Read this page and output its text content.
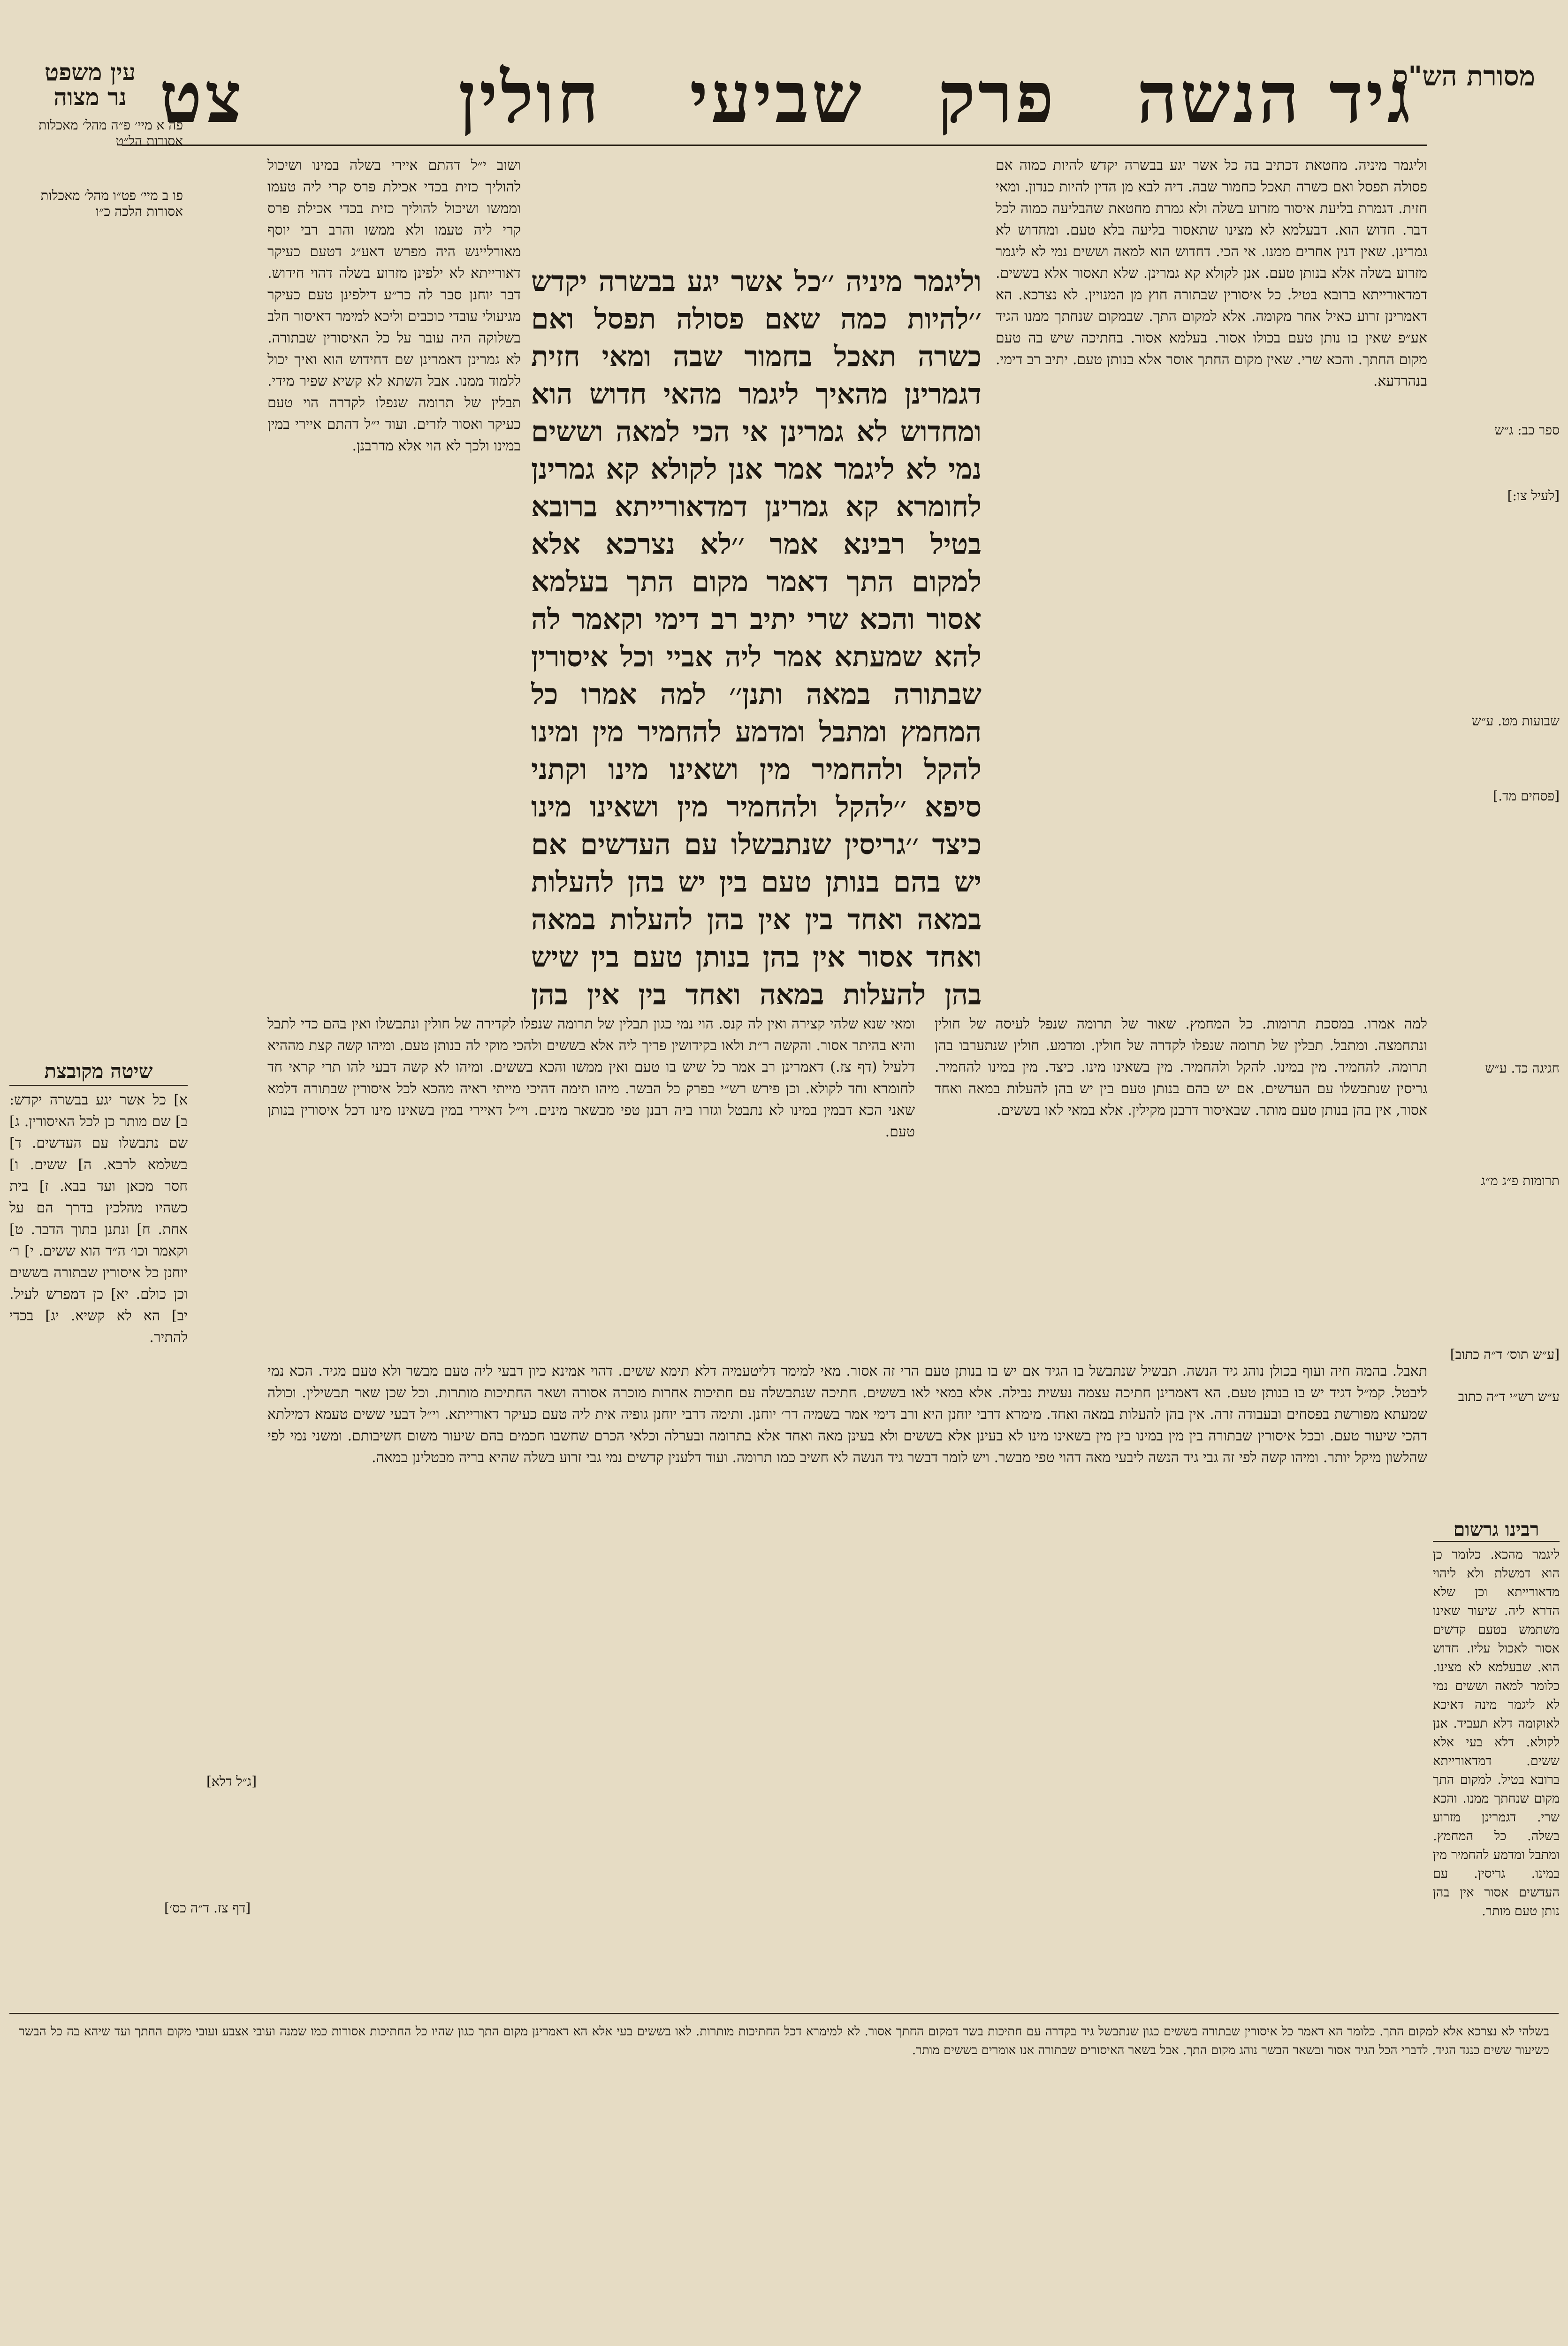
מסורת הש"ס
עין משפט
נר מצוה	גיד הנשה
פרק
שביעי
חולין
צט
ספר כב: ג״ש
[לעיל צו:]
שבועות מט. ע״ש
[פסחים מד.]
חגיגה כד. ע״ש
[ע״ש תוס׳ ד״ה כתוב]
ע״ש רש״י ד״ה כתוב
תרומות פ״ג מ״ג
פה א מיי׳ פ״ה מהל׳ מאכלות אסורות הל״ט
פו ב מיי׳ פט״ו מהל׳ מאכלות אסורות הלכה כ״ו
שיטה מקובצת
א] כל אשר יגע בבשרה יקדש: ב] שם מותר כן לכל האיסורין. ג] שם נתבשלו עם העדשים. ד] בשלמא לרבא. ה] ששים. ו] חסר מכאן ועד בבא. ז] בית כשהיו מהלכין בדרך הם על אחת. ח] ונתנן בתוך הדבר. ט] וקאמר וכו׳ ה״ד הוא ששים. י] ר׳ יוחנן כל איסורין שבתורה בששים וכן כולם. יא] כן דמפרש לעיל. יב] הא לא קשיא. יג] בכדי להתיר.
[ג״ל דלא]
[דף צז. ד״ה כס׳]
רבינו גרשום
ליגמר מהכא. כלומר כן הוא דמשלת ולא ליהוי מדאורייתא וכן שלא הדרא ליה. שיעור שאינו משתמש בטעם קדשים אסור לאכול עליו. חדוש הוא. שבעלמא לא מצינו. כלומר למאה וששים נמי לא ליגמר מינה דאיכא לאוקומה דלא תעביד. אנן לקולא. דלא בעי אלא ששים. דמדאורייתא ברובא בטיל. למקום התך מקום שנחתך ממנו. והכא שרי. דגמרינן מזרוע בשלה. כל המחמץ. ומתבל ומדמע להחמיר מין במינו. גריסין. עם העדשים אסור אין בהן נותן טעם מותר.
וליגמר מיניה. מחטאת דכתיב בה כל אשר יגע בבשרה יקדש להיות כמוה אם פסולה תפסל ואם כשרה תאכל כחמור שבה. דיה לבא מן הדין להיות כנדון. ומאי חזית. דגמרת בליעת איסור מזרוע בשלה ולא גמרת מחטאת שהבליעה כמוה לכל דבר. חדוש הוא. דבעלמא לא מצינו שתאסור בליעה בלא טעם. ומחדוש לא גמרינן. שאין דנין אחרים ממנו. אי הכי. דחדוש הוא למאה וששים נמי לא ליגמר מזרוע בשלה אלא בנותן טעם. אנן לקולא קא גמרינן. שלא תאסור אלא בששים. דמדאורייתא ברובא בטיל. כל איסורין שבתורה חוץ מן המנויין. לא נצרכא. הא דאמרינן זרוע כאיל אחר מקומה. אלא למקום התך. שבמקום שנחתך ממנו הגיד אע״פ שאין בו נותן טעם בכולו אסור. בעלמא אסור. בחתיכה שיש בה טעם מקום החתך. והכא שרי. שאין מקום החתך אוסר אלא בנותן טעם. יתיב רב דימי. בנהרדעא.
ושוב י״ל דהתם איירי בשלה במינו ושיכול להוליך כזית בכדי אכילת פרס קרי ליה טעמו וממשו ושיכול להוליך כזית בכדי אכילת פרס קרי ליה טעמו ולא ממשו והרב רבי יוסף מאורליינש היה מפרש דאע״ג דטעם כעיקר דאורייתא לא ילפינן מזרוע בשלה דהוי חידוש. דבר יוחנן סבר לה כר״ע דילפינן טעם כעיקר מגיעולי עובדי כוכבים וליכא למימר דאיסור חלב בשלוקה היה עובר על כל האיסורין שבתורה. לא גמרינן דאמרינן שם דחידוש הוא ואיך יכול ללמוד ממנו. אבל השתא לא קשיא שפיר מידי. תבלין של תרומה שנפלו לקדרה הוי טעם כעיקר ואסור לזרים. ועוד י״ל דהתם איירי במין במינו ולכך לא הוי אלא מדרבנן.
וליגמר מיניה ׳׳כל אשר יגע בבשרה יקדש ׳׳להיות כמה שאם פסולה תפסל ואם כשרה תאכל בחמור שבה ומאי חזית דגמרינן מהאיך ליגמר מהאי חדוש הוא ומחדוש לא גמרינן אי הכי למאה וששים נמי לא ליגמר אמר אנן לקולא קא גמרינן לחומרא קא גמרינן דמדאורייתא ברובא בטיל רבינא אמר ׳׳לא נצרכא אלא למקום התך דאמר מקום התך בעלמא אסור והכא שרי יתיב רב דימי וקאמר לה להא שמעתא אמר ליה אביי וכל איסורין שבתורה במאה ותנן׳׳ למה אמרו כל המחמץ ומתבל ומדמע להחמיר מין ומינו להקל ולהחמיר מין ושאינו מינו וקתני סיפא ׳׳להקל ולהחמיר מין ושאינו מינו כיצד ׳׳גריסין שנתבשלו עם העדשים אם יש בהם בנותן טעם בין יש בהן להעלות במאה ואחד בין אין בהן להעלות במאה ואחד אסור אין בהן בנותן טעם בין שיש בהן להעלות במאה ואחד בין אין בהן
למה אמרו. במסכת תרומות. כל המחמץ. שאור של תרומה שנפל לעיסה של חולין ונתחמצה. ומתבל. תבלין של תרומה שנפלו לקדרה של חולין. ומדמע. חולין שנתערבו בהן תרומה. להחמיר. מין במינו. להקל ולהחמיר. מין בשאינו מינו. כיצד. מין במינו להחמיר. גריסין שנתבשלו עם העדשים. אם יש בהם בנותן טעם בין יש בהן להעלות במאה ואחד אסור, אין בהן בנותן טעם מותר. שבאיסור דרבנן מקילין. אלא במאי לאו בששים.
ומאי שנא שלהי קצירה ואין לה קנס. הוי נמי כגון תבלין של תרומה שנפלו לקדירה של חולין ונתבשלו ואין בהם כדי לתבל והיא בהיתר אסור. והקשה ר״ת ולאו בקידושין פריך ליה אלא בששים ולהכי מוקי לה בנותן טעם. ומיהו קשה קצת מההיא דלעיל (דף צז.) דאמרינן רב אמר כל שיש בו טעם ואין ממשו והכא בששים. ומיהו לא קשה דבעי להו תרי קראי חד לחומרא וחד לקולא. וכן פירש רש״י בפרק כל הבשר. מיהו תימה דהיכי מייתי ראיה מהכא לכל איסורין שבתורה דלמא שאני הכא דבמין במינו לא נתבטל וגזרו ביה רבנן טפי מבשאר מינים. וי״ל דאיירי במין בשאינו מינו דכל איסורין בנותן טעם.
תאבל. בהמה חיה ועוף בכולן נוהג גיד הנשה. תבשיל שנתבשל בו הגיד אם יש בו בנותן טעם הרי זה אסור. מאי למימר דליטעמיה דלא תימא ששים. דהוי אמינא כיון דבעי ליה טעם מבשר ולא טעם מגיד. הכא נמי ליבטל. קמ״ל דגיד יש בו בנותן טעם. הא דאמרינן חתיכה עצמה נעשית נבילה. אלא במאי לאו בששים. חתיכה שנתבשלה עם חתיכות אחרות מוכרה אסורה ושאר החתיכות מותרות. וכל שכן שאר תבשילין. וכולה שמעתא מפורשת בפסחים ובעבודה זרה. אין בהן להעלות במאה ואחד. מימרא דרבי יוחנן היא ורב דימי אמר בשמיה דר׳ יוחנן. ותימה דרבי יוחנן גופיה אית ליה טעם כעיקר דאורייתא. וי״ל דבעי ששים טעמא דמילתא דהכי שיעור טעם. ובכל איסורין שבתורה בין מין במינו בין מין בשאינו מינו לא בעינן אלא בששים ולא בעינן מאה ואחד אלא בתרומה ובערלה וכלאי הכרם שחשבו חכמים בהם שיעור משום חשיבותם. ומשני נמי לפי שהלשון מיקל יותר. ומיהו קשה לפי זה גבי גיד הנשה ליבעי מאה דהוי טפי מבשר. ויש לומר דבשר גיד הנשה לא חשיב כמו תרומה. ועוד דלענין קדשים נמי גבי זרוע בשלה שהיא בריה מבטלינן במאה.
בשלהי לא נצרכא אלא למקום התך. כלומר הא דאמר כל איסורין שבתורה בששים כגון שנתבשל גיד בקדרה עם חתיכות בשר דמקום החתך אסור. לא למימרא דכל החתיכות מותרות. לאו בששים בעי אלא הא דאמרינן מקום התך כגון שהיו כל החתיכות אסורות כמו שמנה ועובי אצבע ועובי מקום החתך ועד שיהא בה כל הבשר כשיעור ששים כנגד הגיד. לדברי הכל הגיד אסור ובשאר הבשר נוהג מקום התך. אבל בשאר האיסורים שבתורה אנו אומרים בששים מותר.
